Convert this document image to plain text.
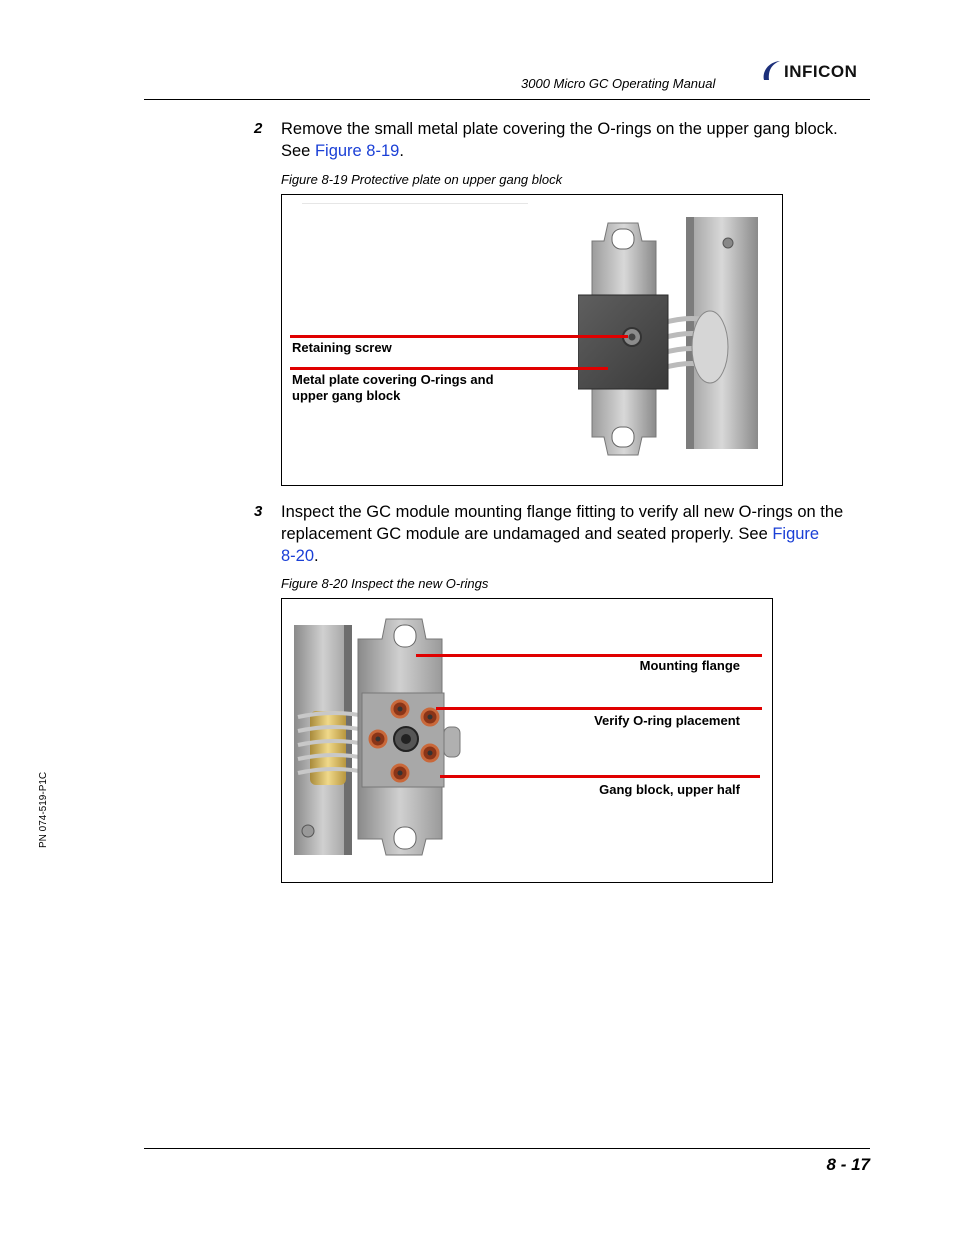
3000 Micro GC Operating Manual
INFICON
2 Remove the small metal plate covering the O-rings on the upper gang block.
See Figure 8-19.
Figure 8-19 Protective plate on upper gang block
Retaining screw
Metal plate covering O-rings and
upper gang block
3 Inspect the GC module mounting flange fitting to verify all new O-rings on the
replacement GC module are undamaged and seated properly. See Figure
8-20.
Figure 8-20 Inspect the new O-rings
Mounting flange
Verify O-ring placement
Gang block, upper half
PN 074-519-P1C
8 - 17
